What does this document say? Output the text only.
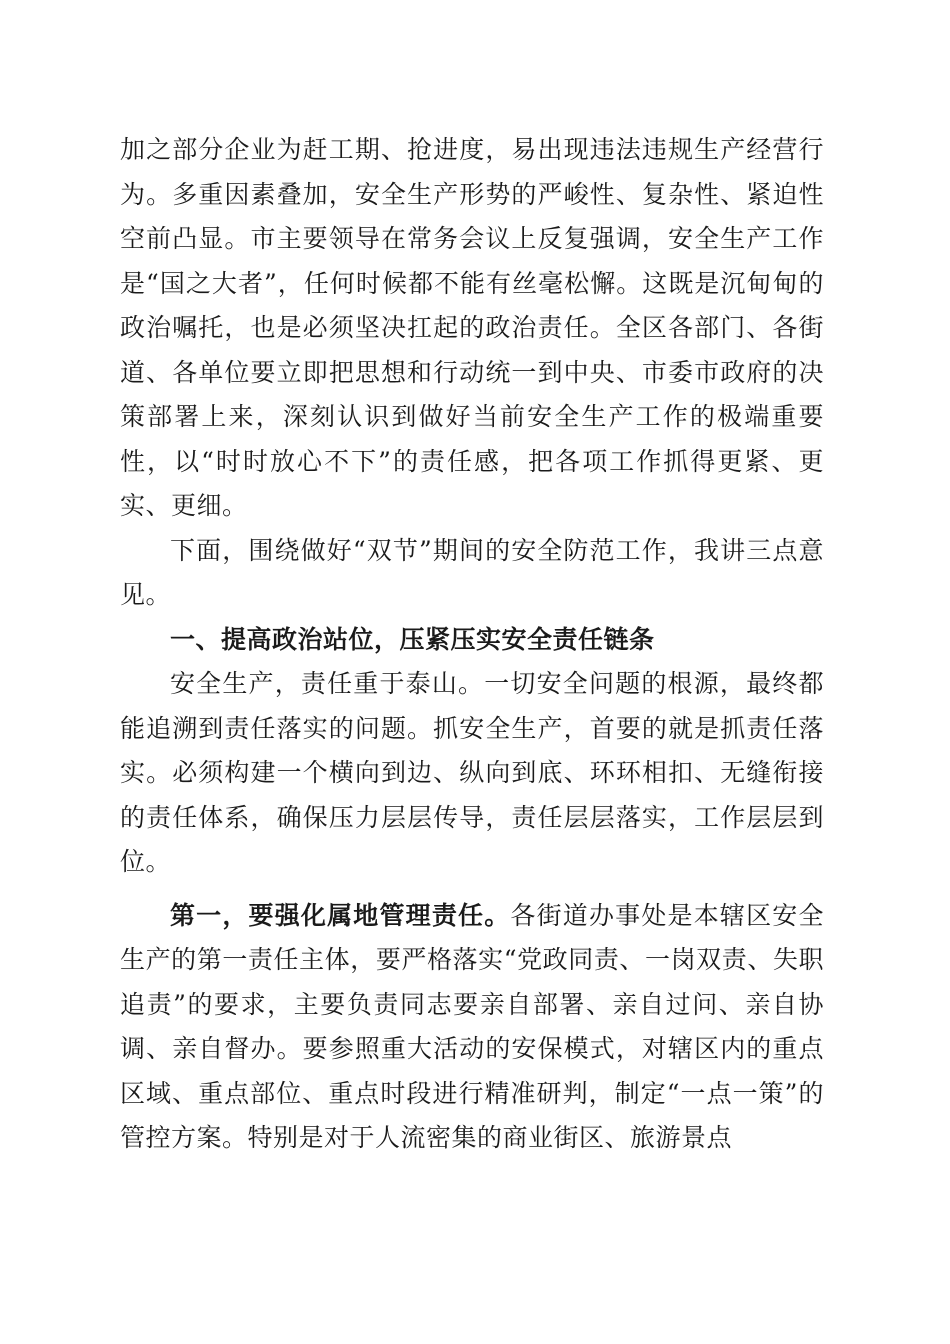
加之部分企业为赶工期、抢进度，易出现违法违规生产经营行为。多重因素叠加，安全生产形势的严峻性、复杂性、紧迫性空前凸显。市主要领导在常务会议上反复强调，安全生产工作是“国之大者”，任何时候都不能有丝毫松懈。这既是沉甸甸的政治嘱托，也是必须坚决扛起的政治责任。全区各部门、各街道、各单位要立即把思想和行动统一到中央、市委市政府的决策部署上来，深刻认识到做好当前安全生产工作的极端重要性，以“时时放心不下”的责任感，把各项工作抓得更紧、更实、更细。

下面，围绕做好“双节”期间的安全防范工作，我讲三点意见。

一、提高政治站位，压紧压实安全责任链条

安全生产，责任重于泰山。一切安全问题的根源，最终都能追溯到责任落实的问题。抓安全生产，首要的就是抓责任落实。必须构建一个横向到边、纵向到底、环环相扣、无缝衔接的责任体系，确保压力层层传导，责任层层落实，工作层层到位。

第一，要强化属地管理责任。各街道办事处是本辖区安全生产的第一责任主体，要严格落实“党政同责、一岗双责、失职追责”的要求，主要负责同志要亲自部署、亲自过问、亲自协调、亲自督办。要参照重大活动的安保模式，对辖区内的重点区域、重点部位、重点时段进行精准研判，制定“一点一策”的管控方案。特别是对于人流密集的商业街区、旅游景点
